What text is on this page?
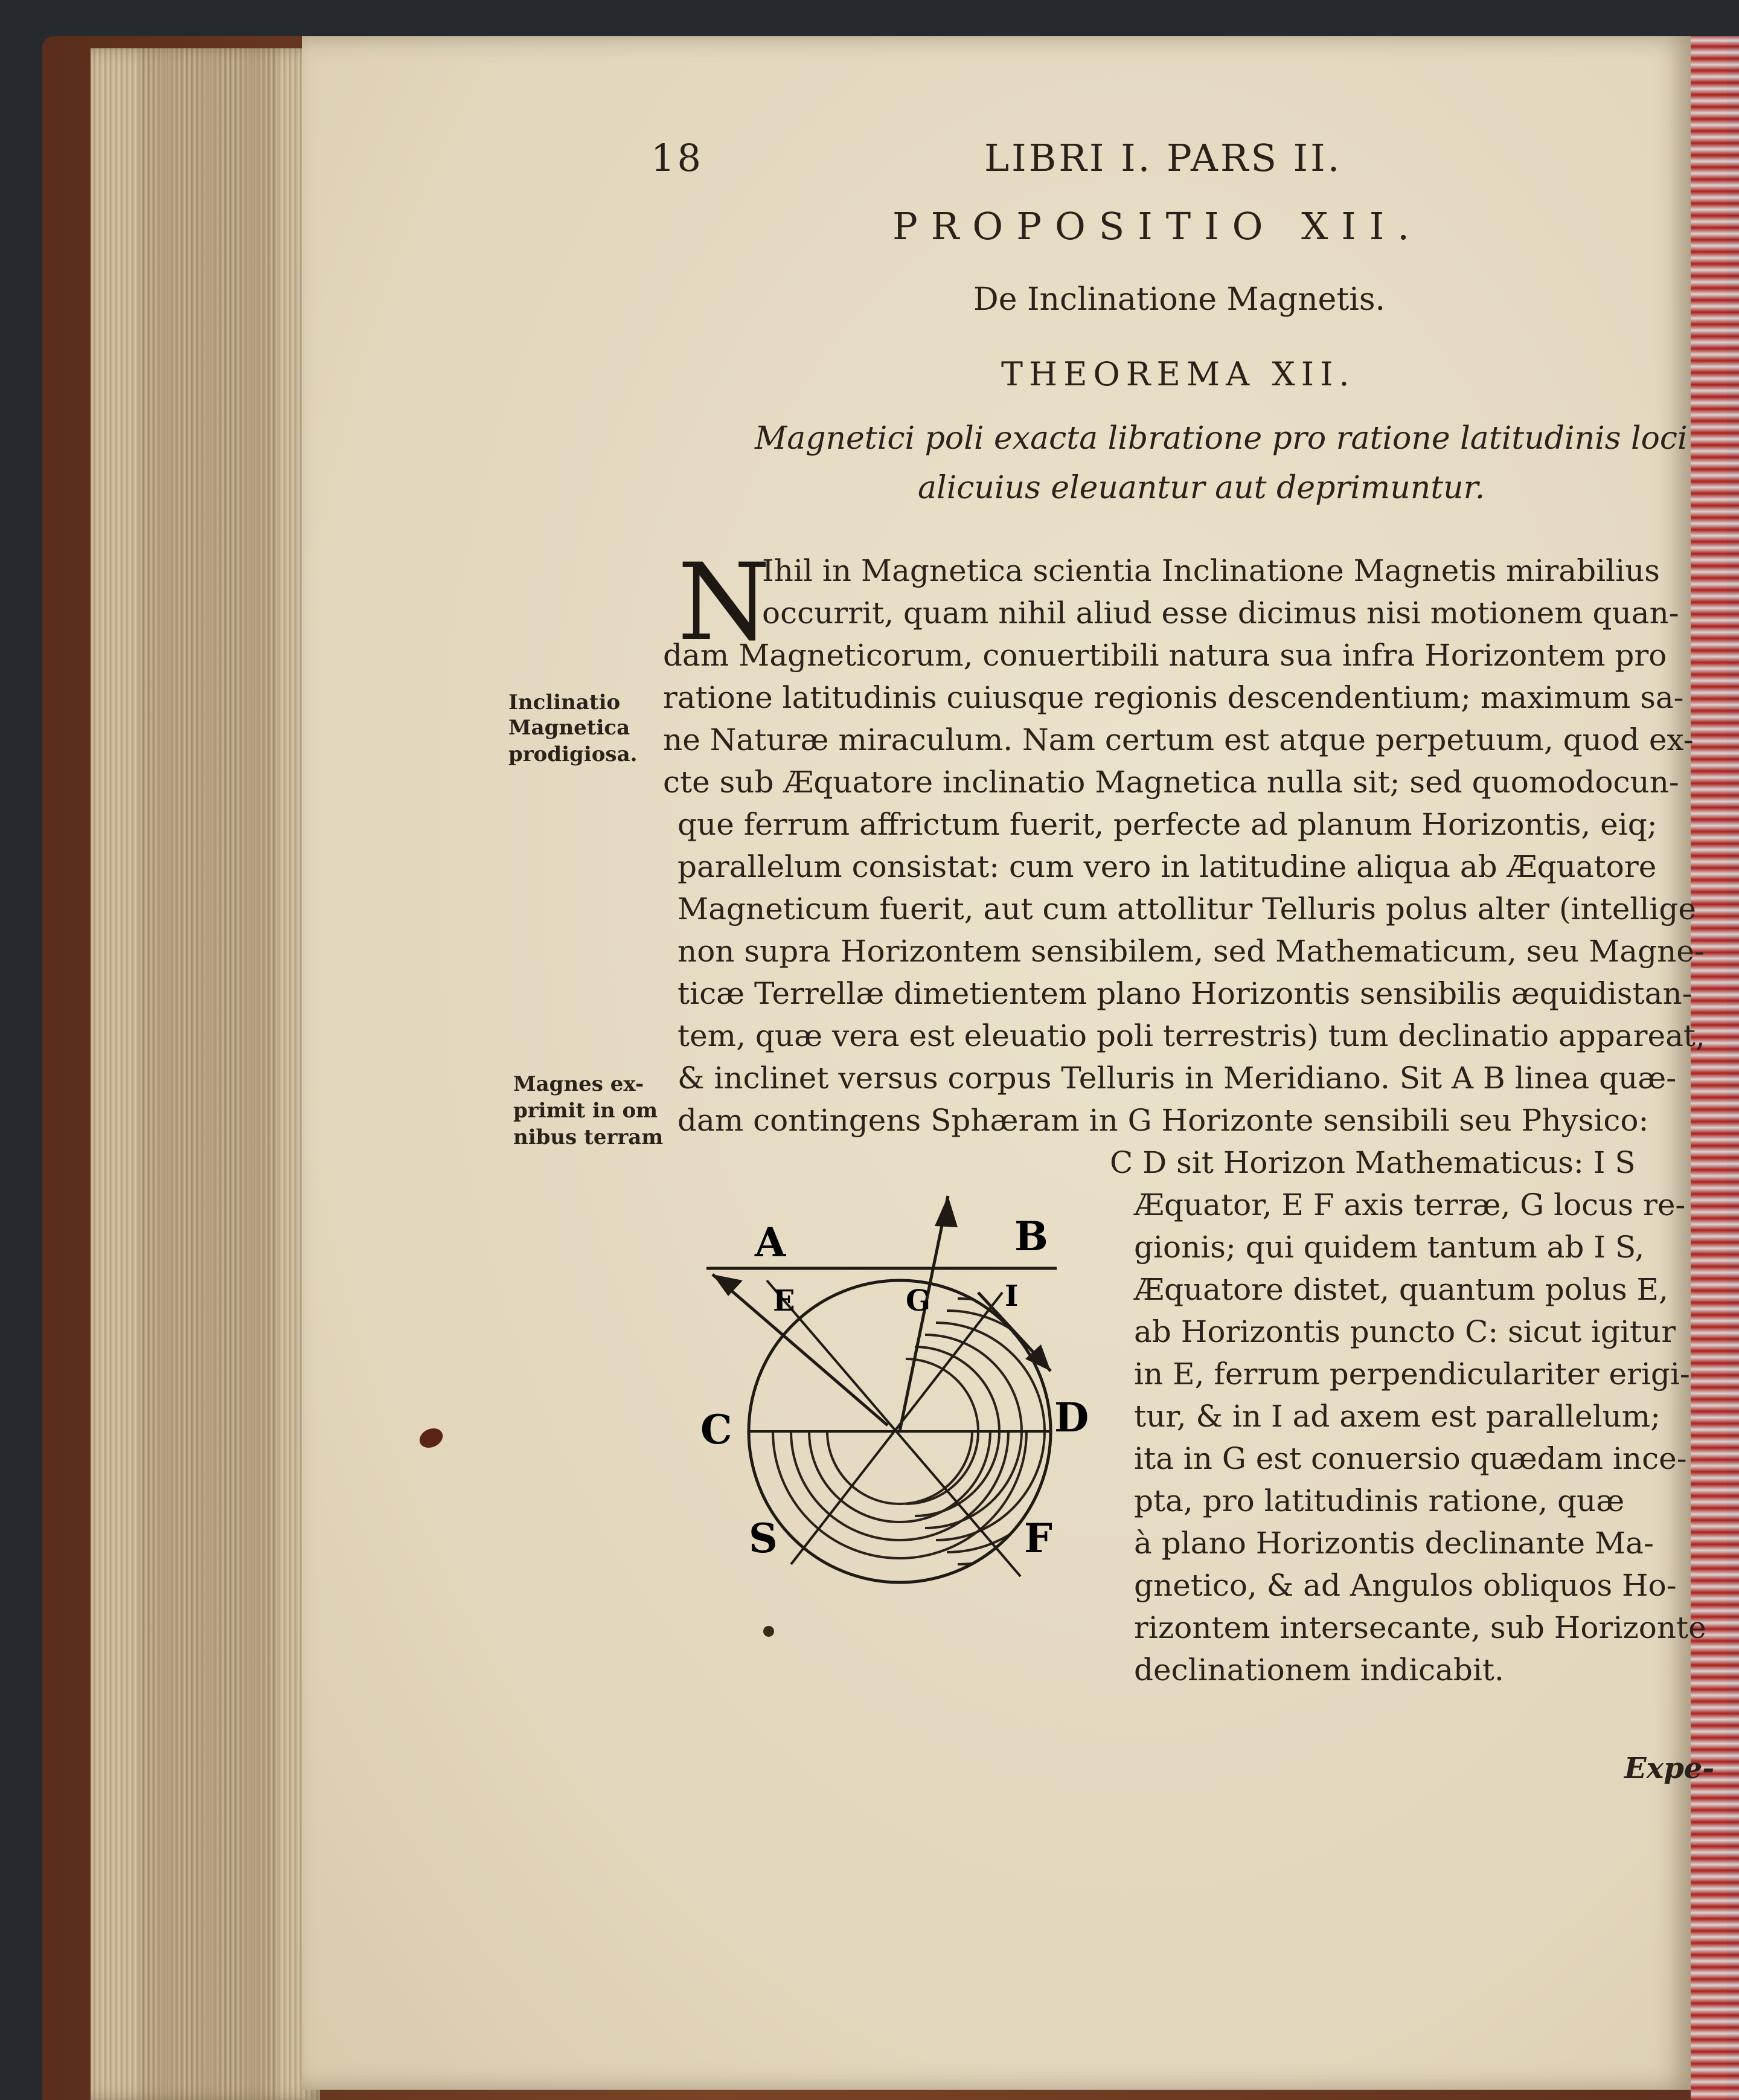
18	LIBRI I. PARS II.

PROPOSITIO XII.

De Inclinatione Magnetis.

THEOREMA XII.

Magnetici poli exacta libratione pro ratione latitudinis loci

alicuius eleuantur aut deprimuntur.

N

Ihil in Magnetica scientia Inclinatione Magnetis mirabilius

occurrit, quam nihil aliud esse dicimus nisi motionem quan-

dam Magneticorum, conuertibili natura sua infra Horizontem pro

ratione latitudinis cuiusque regionis descendentium; maximum sa-

ne Naturæ miraculum. Nam certum est atque perpetuum, quod ex-

cte sub Æquatore inclinatio Magnetica nulla sit; sed quomodocun-

que ferrum affrictum fuerit, perfecte ad planum Horizontis, eiq;

parallelum consistat: cum vero in latitudine aliqua ab Æquatore

Magneticum fuerit, aut cum attollitur Telluris polus alter (intellige

non supra Horizontem sensibilem, sed Mathematicum, seu Magne-

ticæ Terrellæ dimetientem plano Horizontis sensibilis æquidistan-

tem, quæ vera est eleuatio poli terrestris) tum declinatio appareat,

& inclinet versus corpus Telluris in Meridiano. Sit A B linea quæ-

dam contingens Sphæram in G Horizonte sensibili seu Physico:

C D sit Horizon Mathematicus: I S

Æquator, E F axis terræ, G locus re-

gionis; qui quidem tantum ab I S,

Æquatore distet, quantum polus E,

ab Horizontis puncto C: sicut igitur

in E, ferrum perpendiculariter erigi-

tur, & in I ad axem est parallelum;

ita in G est conuersio quædam ince-

pta, pro latitudinis ratione, quæ

à plano Horizontis declinante Ma-

gnetico, & ad Angulos obliquos Ho-

rizontem intersecante, sub Horizonte

declinationem indicabit.

Inclinatio

Magnetica

prodigiosa.

Magnes ex-

primit in om

nibus terram

A	B
E	G	I
C	D
S	F

Expe-
